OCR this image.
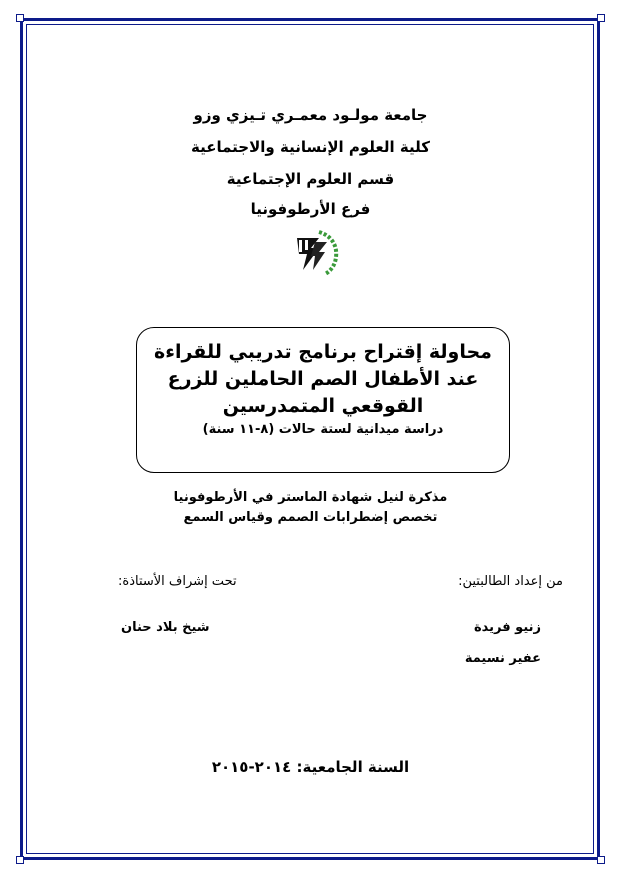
جامعة مولـود معمـري تـيزي وزو
كلية العلوم الإنسانية والاجتماعية
قسم العلوم الإجتماعية
فرع الأرطوفونيا
محاولة إقتراح برنامج تدريبي للقراءة عند الأطفال الصم الحاملين للزرع القوقعي المتمدرسين
دراسة ميدانية لستة حالات (٨-١١ سنة)
مذكرة لنيل شهادة الماستر في الأرطوفونيا
تخصص إضطرابات الصمم وقياس السمع
من إعداد الطالبتين:
تحت إشراف الأستاذة:
زنيو فريدة
عفير نسيمة
شيخ بلاد حنان
السنة الجامعية: ٢٠١٤-٢٠١٥
